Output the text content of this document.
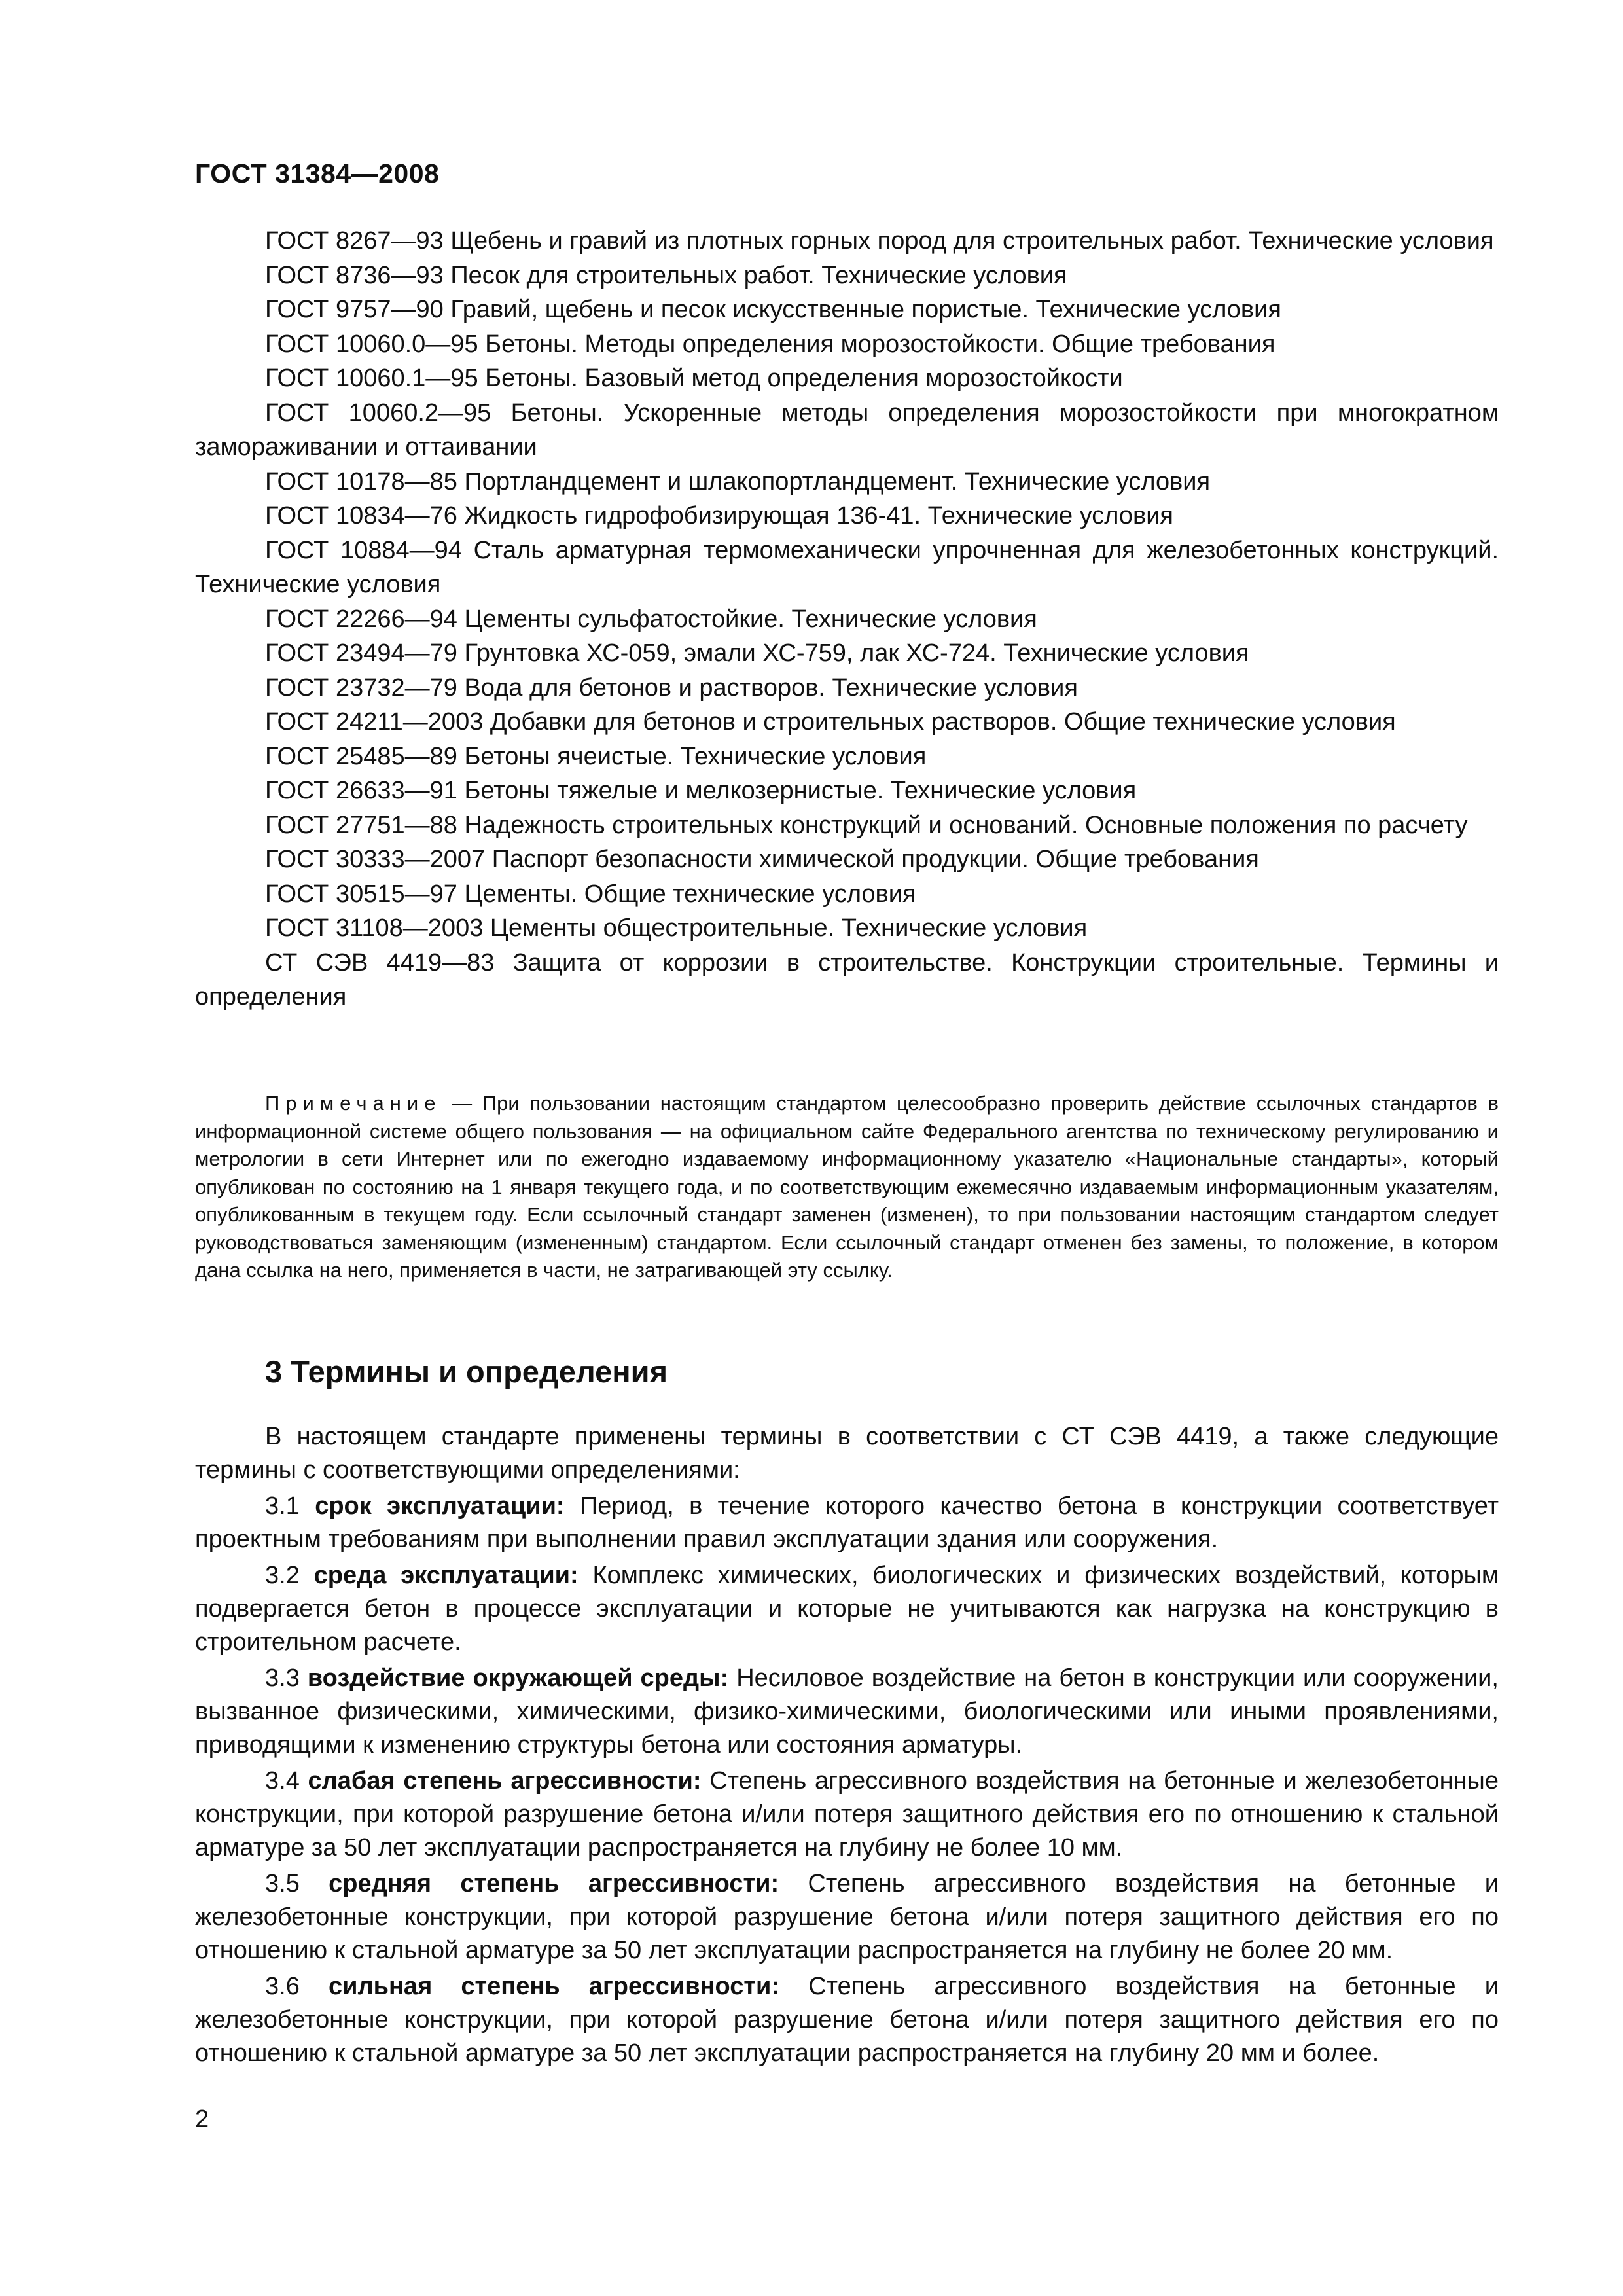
ГОСТ 31384—2008

ГОСТ 8267—93 Щебень и гравий из плотных горных пород для строительных работ. Технические условия

ГОСТ 8736—93 Песок для строительных работ. Технические условия

ГОСТ 9757—90 Гравий, щебень и песок искусственные пористые. Технические условия

ГОСТ 10060.0—95 Бетоны. Методы определения морозостойкости. Общие требования

ГОСТ 10060.1—95 Бетоны. Базовый метод определения морозостойкости

ГОСТ 10060.2—95 Бетоны. Ускоренные методы определения морозостойкости при многократном замораживании и оттаивании

ГОСТ 10178—85 Портландцемент и шлакопортландцемент. Технические условия

ГОСТ 10834—76 Жидкость гидрофобизирующая 136-41. Технические условия

ГОСТ 10884—94 Сталь арматурная термомеханически упрочненная для железобетонных конструкций. Технические условия

ГОСТ 22266—94 Цементы сульфатостойкие. Технические условия

ГОСТ 23494—79 Грунтовка ХС-059, эмали ХС-759, лак ХС-724. Технические условия

ГОСТ 23732—79 Вода для бетонов и растворов. Технические условия

ГОСТ 24211—2003 Добавки для бетонов и строительных растворов. Общие технические условия

ГОСТ 25485—89 Бетоны ячеистые. Технические условия

ГОСТ 26633—91 Бетоны тяжелые и мелкозернистые. Технические условия

ГОСТ 27751—88 Надежность строительных конструкций и оснований. Основные положения по расчету

ГОСТ 30333—2007 Паспорт безопасности химической продукции. Общие требования

ГОСТ 30515—97 Цементы. Общие технические условия

ГОСТ 31108—2003 Цементы общестроительные. Технические условия

СТ СЭВ 4419—83 Защита от коррозии в строительстве. Конструкции строительные. Термины и определения

Примечание — При пользовании настоящим стандартом целесообразно проверить действие ссылочных стандартов в информационной системе общего пользования — на официальном сайте Федерального агентства по техническому регулированию и метрологии в сети Интернет или по ежегодно издаваемому информационному указателю «Национальные стандарты», который опубликован по состоянию на 1 января текущего года, и по соответствующим ежемесячно издаваемым информационным указателям, опубликованным в текущем году. Если ссылочный стандарт заменен (изменен), то при пользовании настоящим стандартом следует руководствоваться заменяющим (измененным) стандартом. Если ссылочный стандарт отменен без замены, то положение, в котором дана ссылка на него, применяется в части, не затрагивающей эту ссылку.

3 Термины и определения

В настоящем стандарте применены термины в соответствии с СТ СЭВ 4419, а также следующие термины с соответствующими определениями:

3.1 срок эксплуатации: Период, в течение которого качество бетона в конструкции соответствует проектным требованиям при выполнении правил эксплуатации здания или сооружения.

3.2 среда эксплуатации: Комплекс химических, биологических и физических воздействий, которым подвергается бетон в процессе эксплуатации и которые не учитываются как нагрузка на конструкцию в строительном расчете.

3.3 воздействие окружающей среды: Несиловое воздействие на бетон в конструкции или сооружении, вызванное физическими, химическими, физико-химическими, биологическими или иными проявлениями, приводящими к изменению структуры бетона или состояния арматуры.

3.4 слабая степень агрессивности: Степень агрессивного воздействия на бетонные и железобетонные конструкции, при которой разрушение бетона и/или потеря защитного действия его по отношению к стальной арматуре за 50 лет эксплуатации распространяется на глубину не более 10 мм.

3.5 средняя степень агрессивности: Степень агрессивного воздействия на бетонные и железобетонные конструкции, при которой разрушение бетона и/или потеря защитного действия его по отношению к стальной арматуре за 50 лет эксплуатации распространяется на глубину не более 20 мм.

3.6 сильная степень агрессивности: Степень агрессивного воздействия на бетонные и железобетонные конструкции, при которой разрушение бетона и/или потеря защитного действия его по отношению к стальной арматуре за 50 лет эксплуатации распространяется на глубину 20 мм и более.

2
